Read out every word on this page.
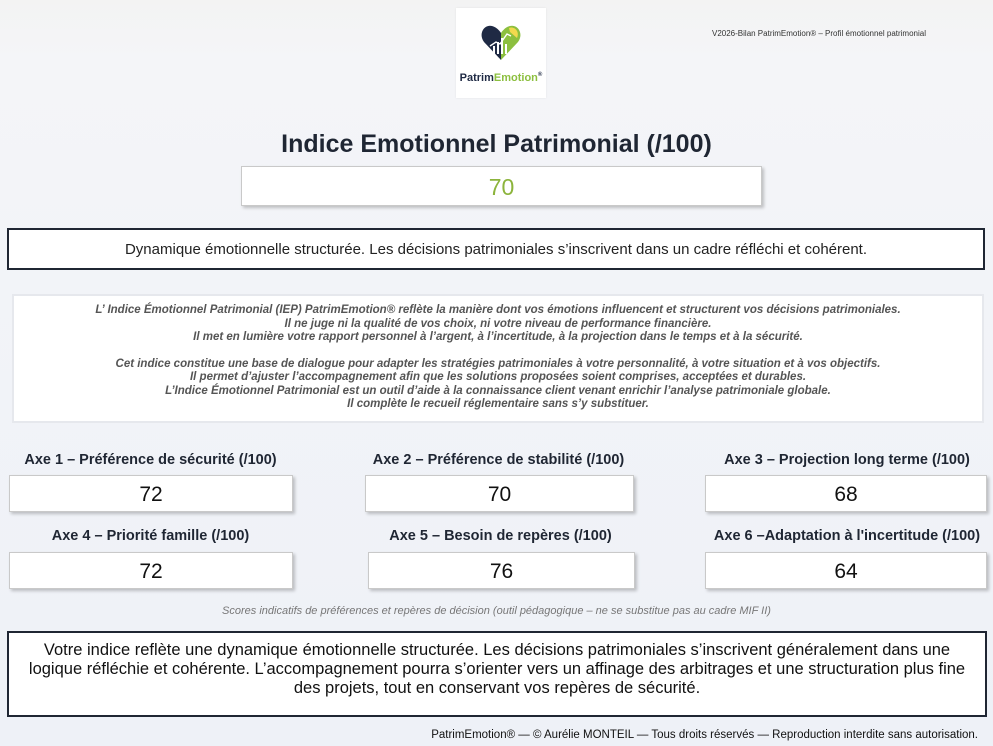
PatrimEmotion®
V2026-Bilan PatrimEmotion® – Profil émotionnel patrimonial
Indice Emotionnel Patrimonial (/100)
70
Dynamique émotionnelle structurée. Les décisions patrimoniales s’inscrivent dans un cadre réfléchi et cohérent.

L’ Indice Émotionnel Patrimonial (IEP) PatrimEmotion® reflète la manière dont vos émotions influencent et structurent vos décisions patrimoniales.

Il ne juge ni la qualité de vos choix, ni votre niveau de performance financière.

Il met en lumière votre rapport personnel à l’argent, à l’incertitude, à la projection dans le temps et à la sécurité.

Cet indice constitue une base de dialogue pour adapter les stratégies patrimoniales à votre personnalité, à votre situation et à vos objectifs.

Il permet d’ajuster l’accompagnement afin que les solutions proposées soient comprises, acceptées et durables.

L’Indice Émotionnel Patrimonial est un outil d’aide à la connaissance client venant enrichir l’analyse patrimoniale globale.

Il complète le recueil réglementaire sans s’y substituer.

Axe 1 – Préférence de sécurité (/100)
72
Axe 2 – Préférence de stabilité (/100)
70
Axe 3 – Projection long terme (/100)
68
Axe 4 – Priorité famille (/100)
72
Axe 5 – Besoin de repères (/100)
76
Axe 6 –Adaptation à l'incertitude (/100)
64
Scores indicatifs de préférences et repères de décision (outil pédagogique – ne se substitue pas au cadre MIF II)
Votre indice reflète une dynamique émotionnelle structurée. Les décisions patrimoniales s’inscrivent généralement dans une logique réfléchie et cohérente. L’accompagnement pourra s’orienter vers un affinage des arbitrages et une structuration plus fine des projets, tout en conservant vos repères de sécurité.
PatrimEmotion® — © Aurélie MONTEIL — Tous droits réservés — Reproduction interdite sans autorisation.
